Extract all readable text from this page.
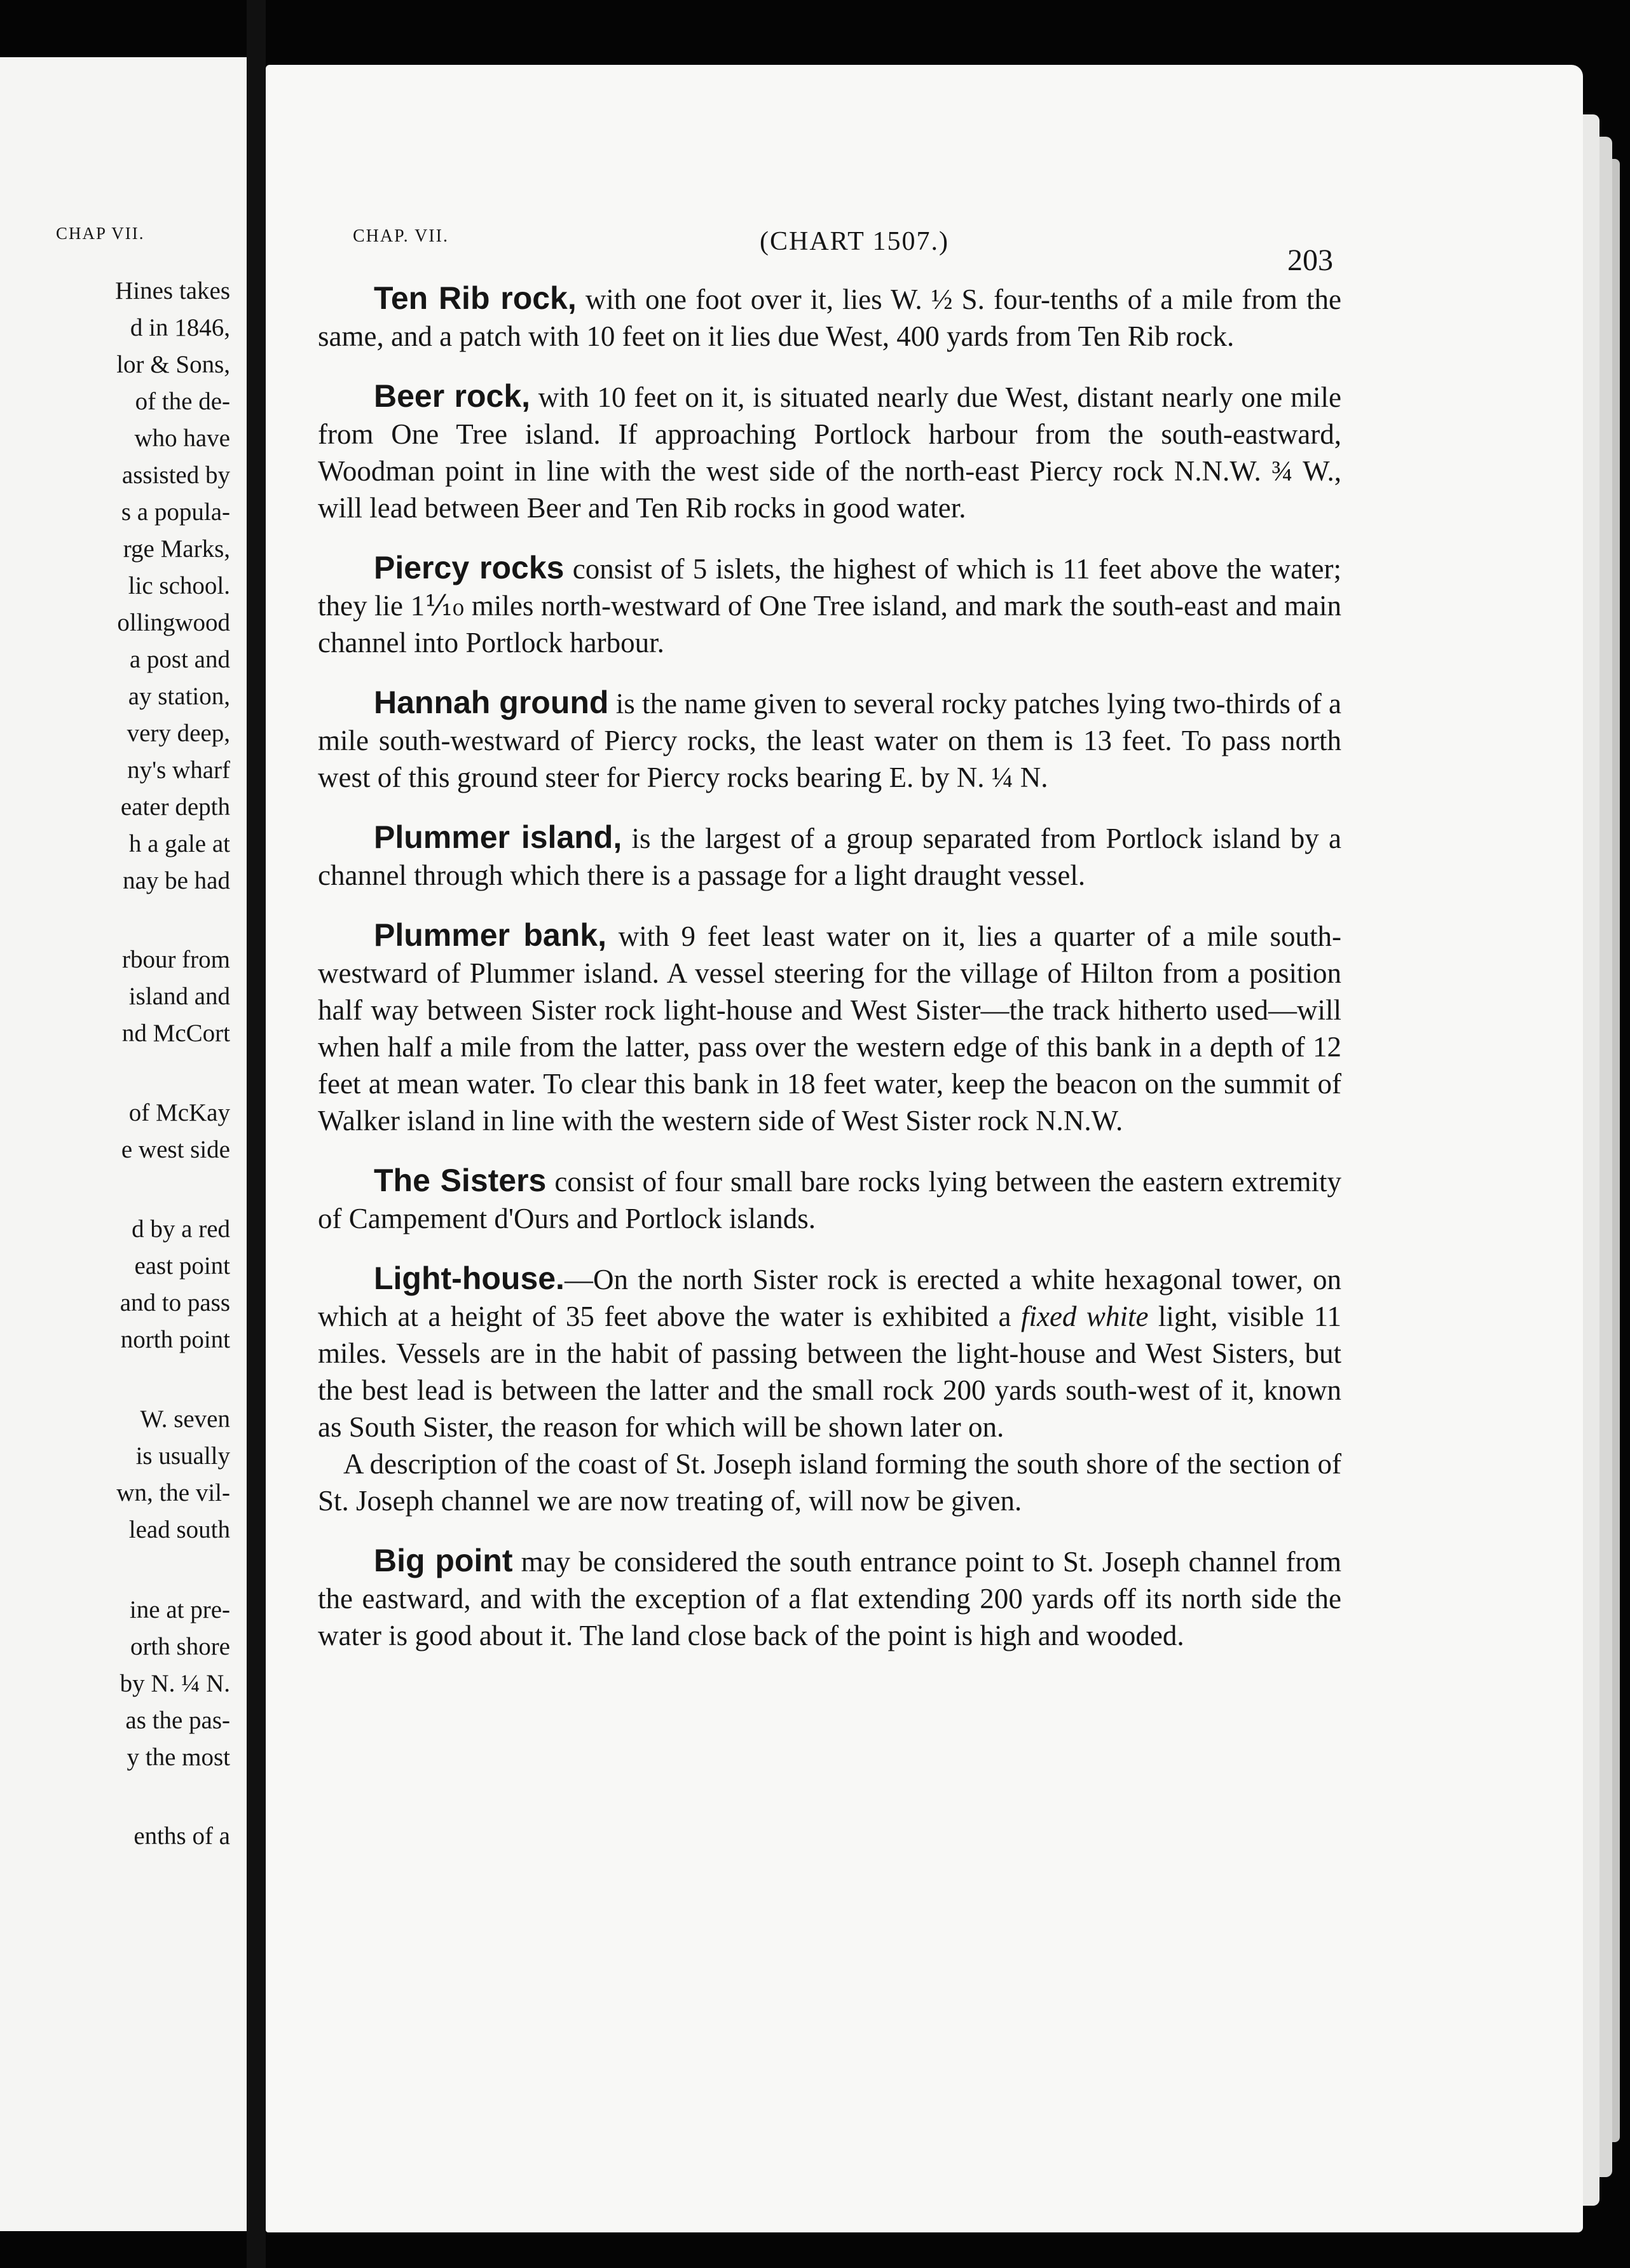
CHAP VII.
Hines takes
d in 1846,
lor & Sons,
of the de-
who have
assisted by
s a popula-
rge Marks,
lic school.
ollingwood
a post and
ay station,
very deep,
ny's wharf
eater depth
h a gale at
nay be had
rbour from
island and
nd McCort
of McKay
e west side
d by a red
east point
and to pass
north point
W. seven
is usually
wn, the vil-
lead south
ine at pre-
orth shore
by N. ¼ N.
as the pas-
y the most
enths of a
CHAP. VII.	(CHART 1507.)
203

Ten Rib rock, with one foot over it, lies W. ½ S. four-tenths of a mile from the same, and a patch with 10 feet on it lies due West, 400 yards from Ten Rib rock.

Beer rock, with 10 feet on it, is situated nearly due West, distant nearly one mile from One Tree island. If approaching Portlock harbour from the south-eastward, Woodman point in line with the west side of the north-east Piercy rock N.N.W. ¾ W., will lead between Beer and Ten Rib rocks in good water.

Piercy rocks consist of 5 islets, the highest of which is 11 feet above the water; they lie 1⅒ miles north-westward of One Tree island, and mark the south-east and main channel into Portlock harbour.

Hannah ground is the name given to several rocky patches lying two-thirds of a mile south-westward of Piercy rocks, the least water on them is 13 feet. To pass north west of this ground steer for Piercy rocks bearing E. by N. ¼ N.

Plummer island, is the largest of a group separated from Portlock island by a channel through which there is a passage for a light draught vessel.

Plummer bank, with 9 feet least water on it, lies a quarter of a mile south-westward of Plummer island. A vessel steering for the village of Hilton from a position half way between Sister rock light-house and West Sister—the track hitherto used—will when half a mile from the latter, pass over the western edge of this bank in a depth of 12 feet at mean water. To clear this bank in 18 feet water, keep the beacon on the summit of Walker island in line with the western side of West Sister rock N.N.W.

The Sisters consist of four small bare rocks lying between the eastern extremity of Campement d'Ours and Portlock islands.

Light-house.—On the north Sister rock is erected a white hexagonal tower, on which at a height of 35 feet above the water is exhibited a fixed white light, visible 11 miles. Vessels are in the habit of passing between the light-house and West Sisters, but the best lead is between the latter and the small rock 200 yards south-west of it, known as South Sister, the reason for which will be shown later on.

A description of the coast of St. Joseph island forming the south shore of the section of St. Joseph channel we are now treating of, will now be given.

Big point may be considered the south entrance point to St. Joseph channel from the eastward, and with the exception of a flat extending 200 yards off its north side the water is good about it. The land close back of the point is high and wooded.
